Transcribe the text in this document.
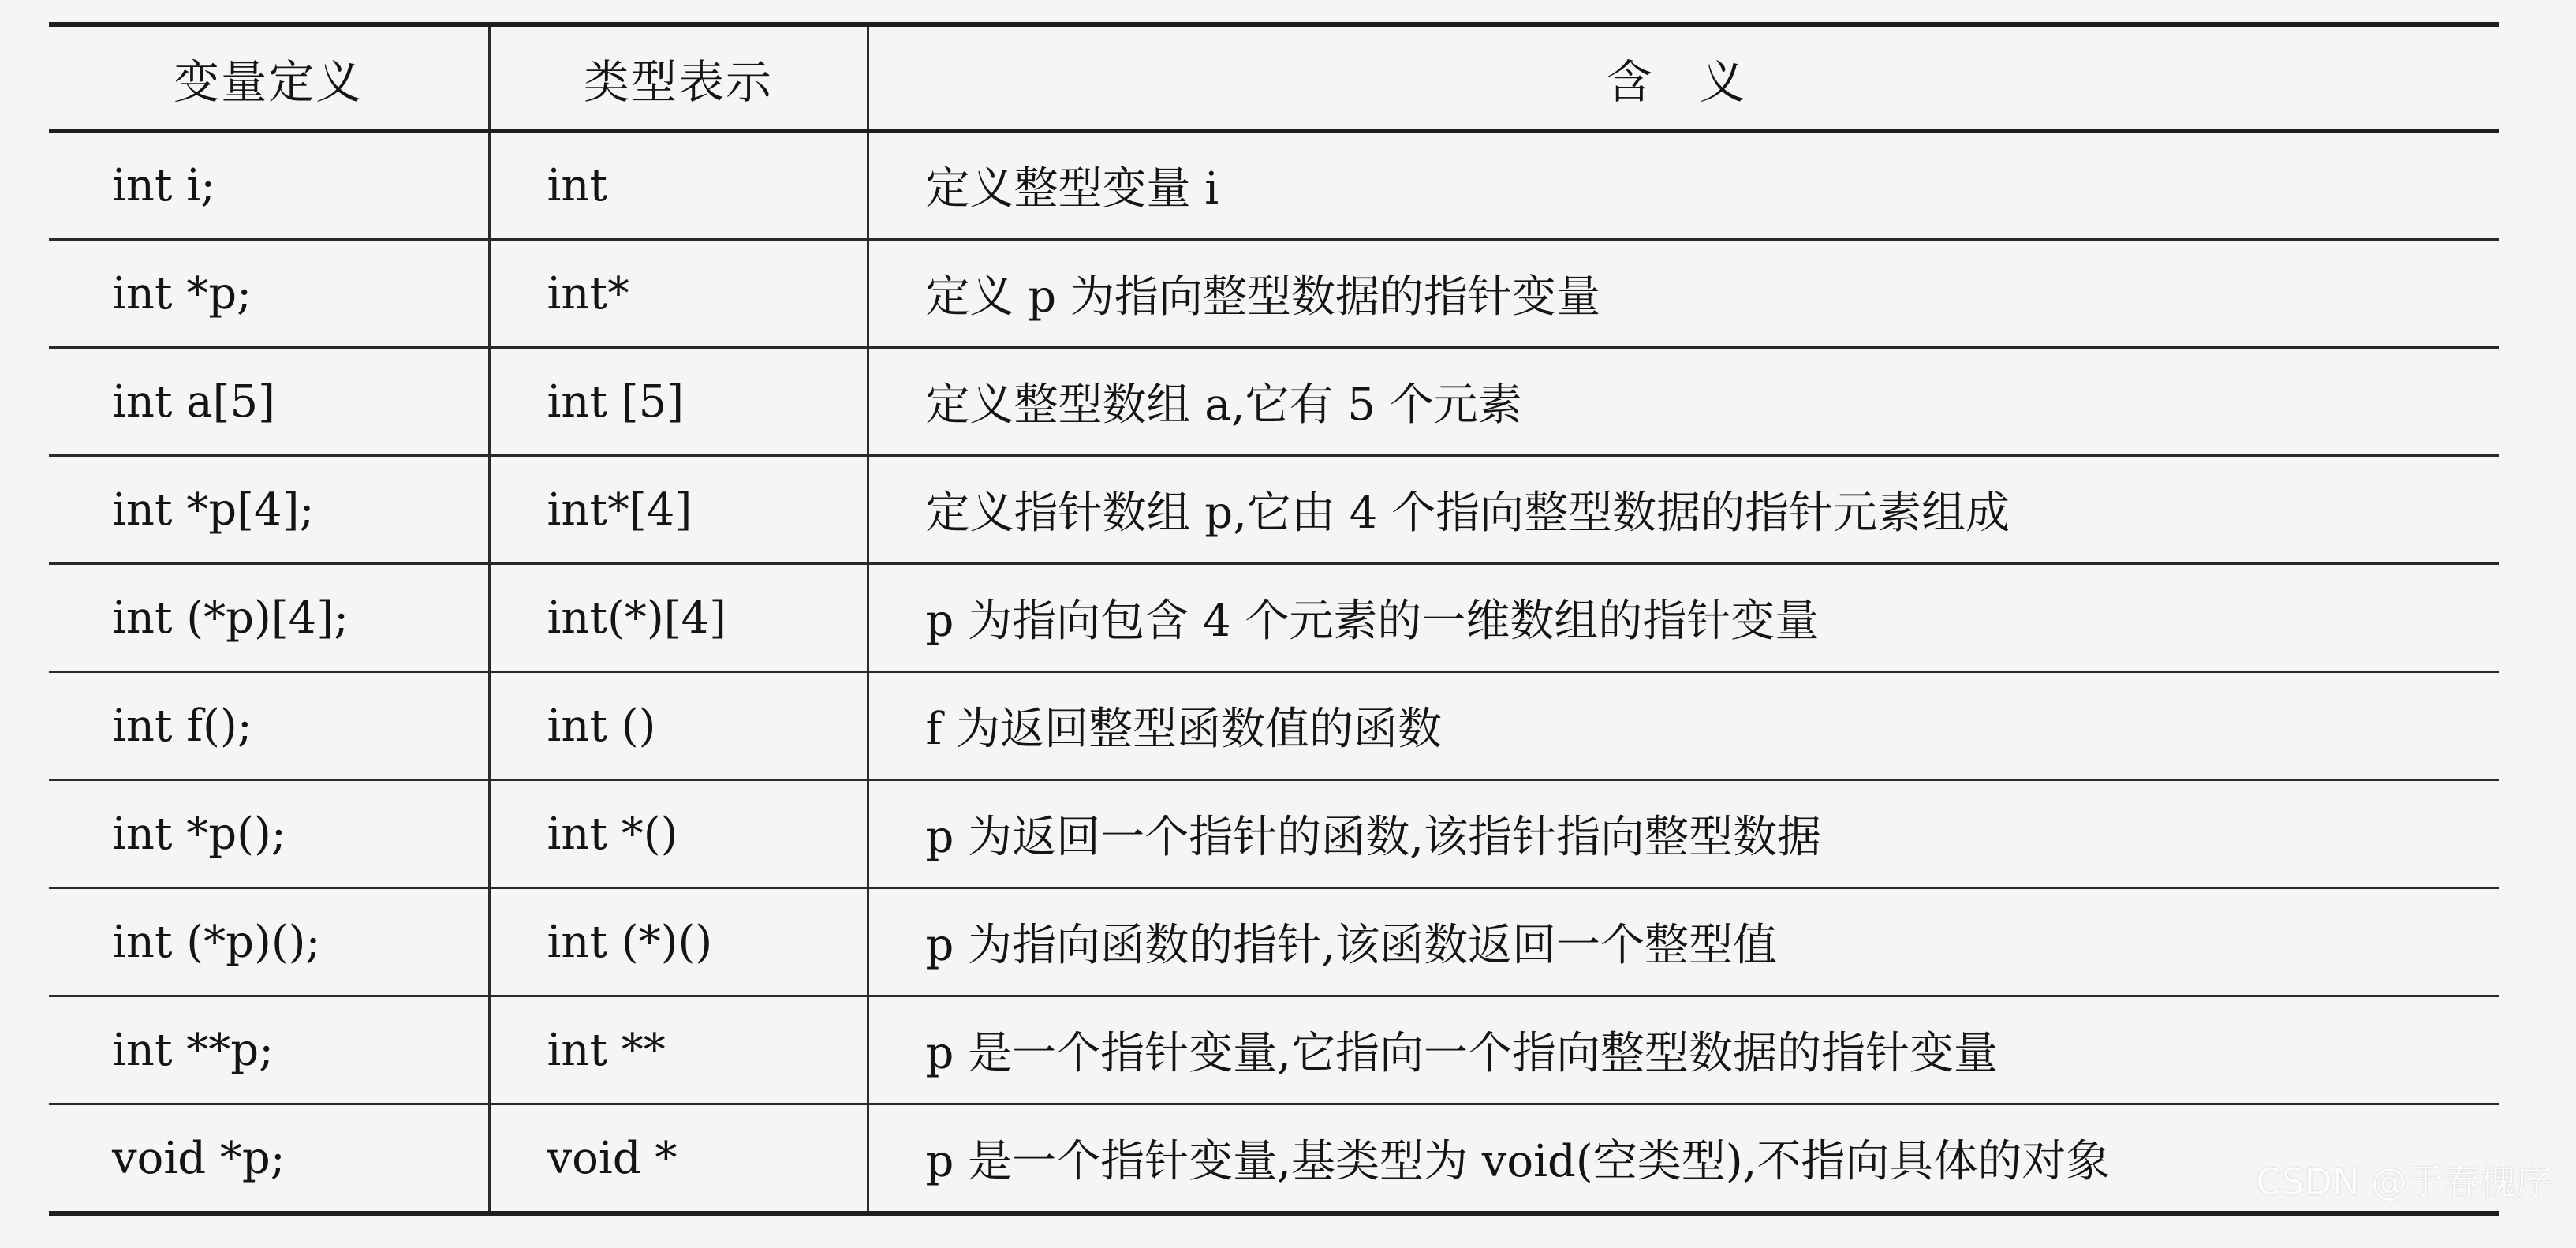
变量定义	类型表示	含义
int i;	int	定义整型变量 i
int *p;	int*	定义 p 为指向整型数据的指针变量
int a[5]	int [5]	定义整型数组 a,它有 5 个元素
int *p[4];	int*[4]	定义指针数组 p,它由 4 个指向整型数据的指针元素组成
int (*p)[4];	int(*)[4]	p 为指向包含 4 个元素的一维数组的指针变量
int f();	int ()	f 为返回整型函数值的函数
int *p();	int *()	p 为返回一个指针的函数,该指针指向整型数据
int (*p)();	int (*)()	p 为指向函数的指针,该函数返回一个整型值
int **p;	int **	p 是一个指针变量,它指向一个指向整型数据的指针变量
void *p;	void *	p 是一个指针变量,基类型为 void(空类型),不指向具体的对象	CSDN @于春槐序
